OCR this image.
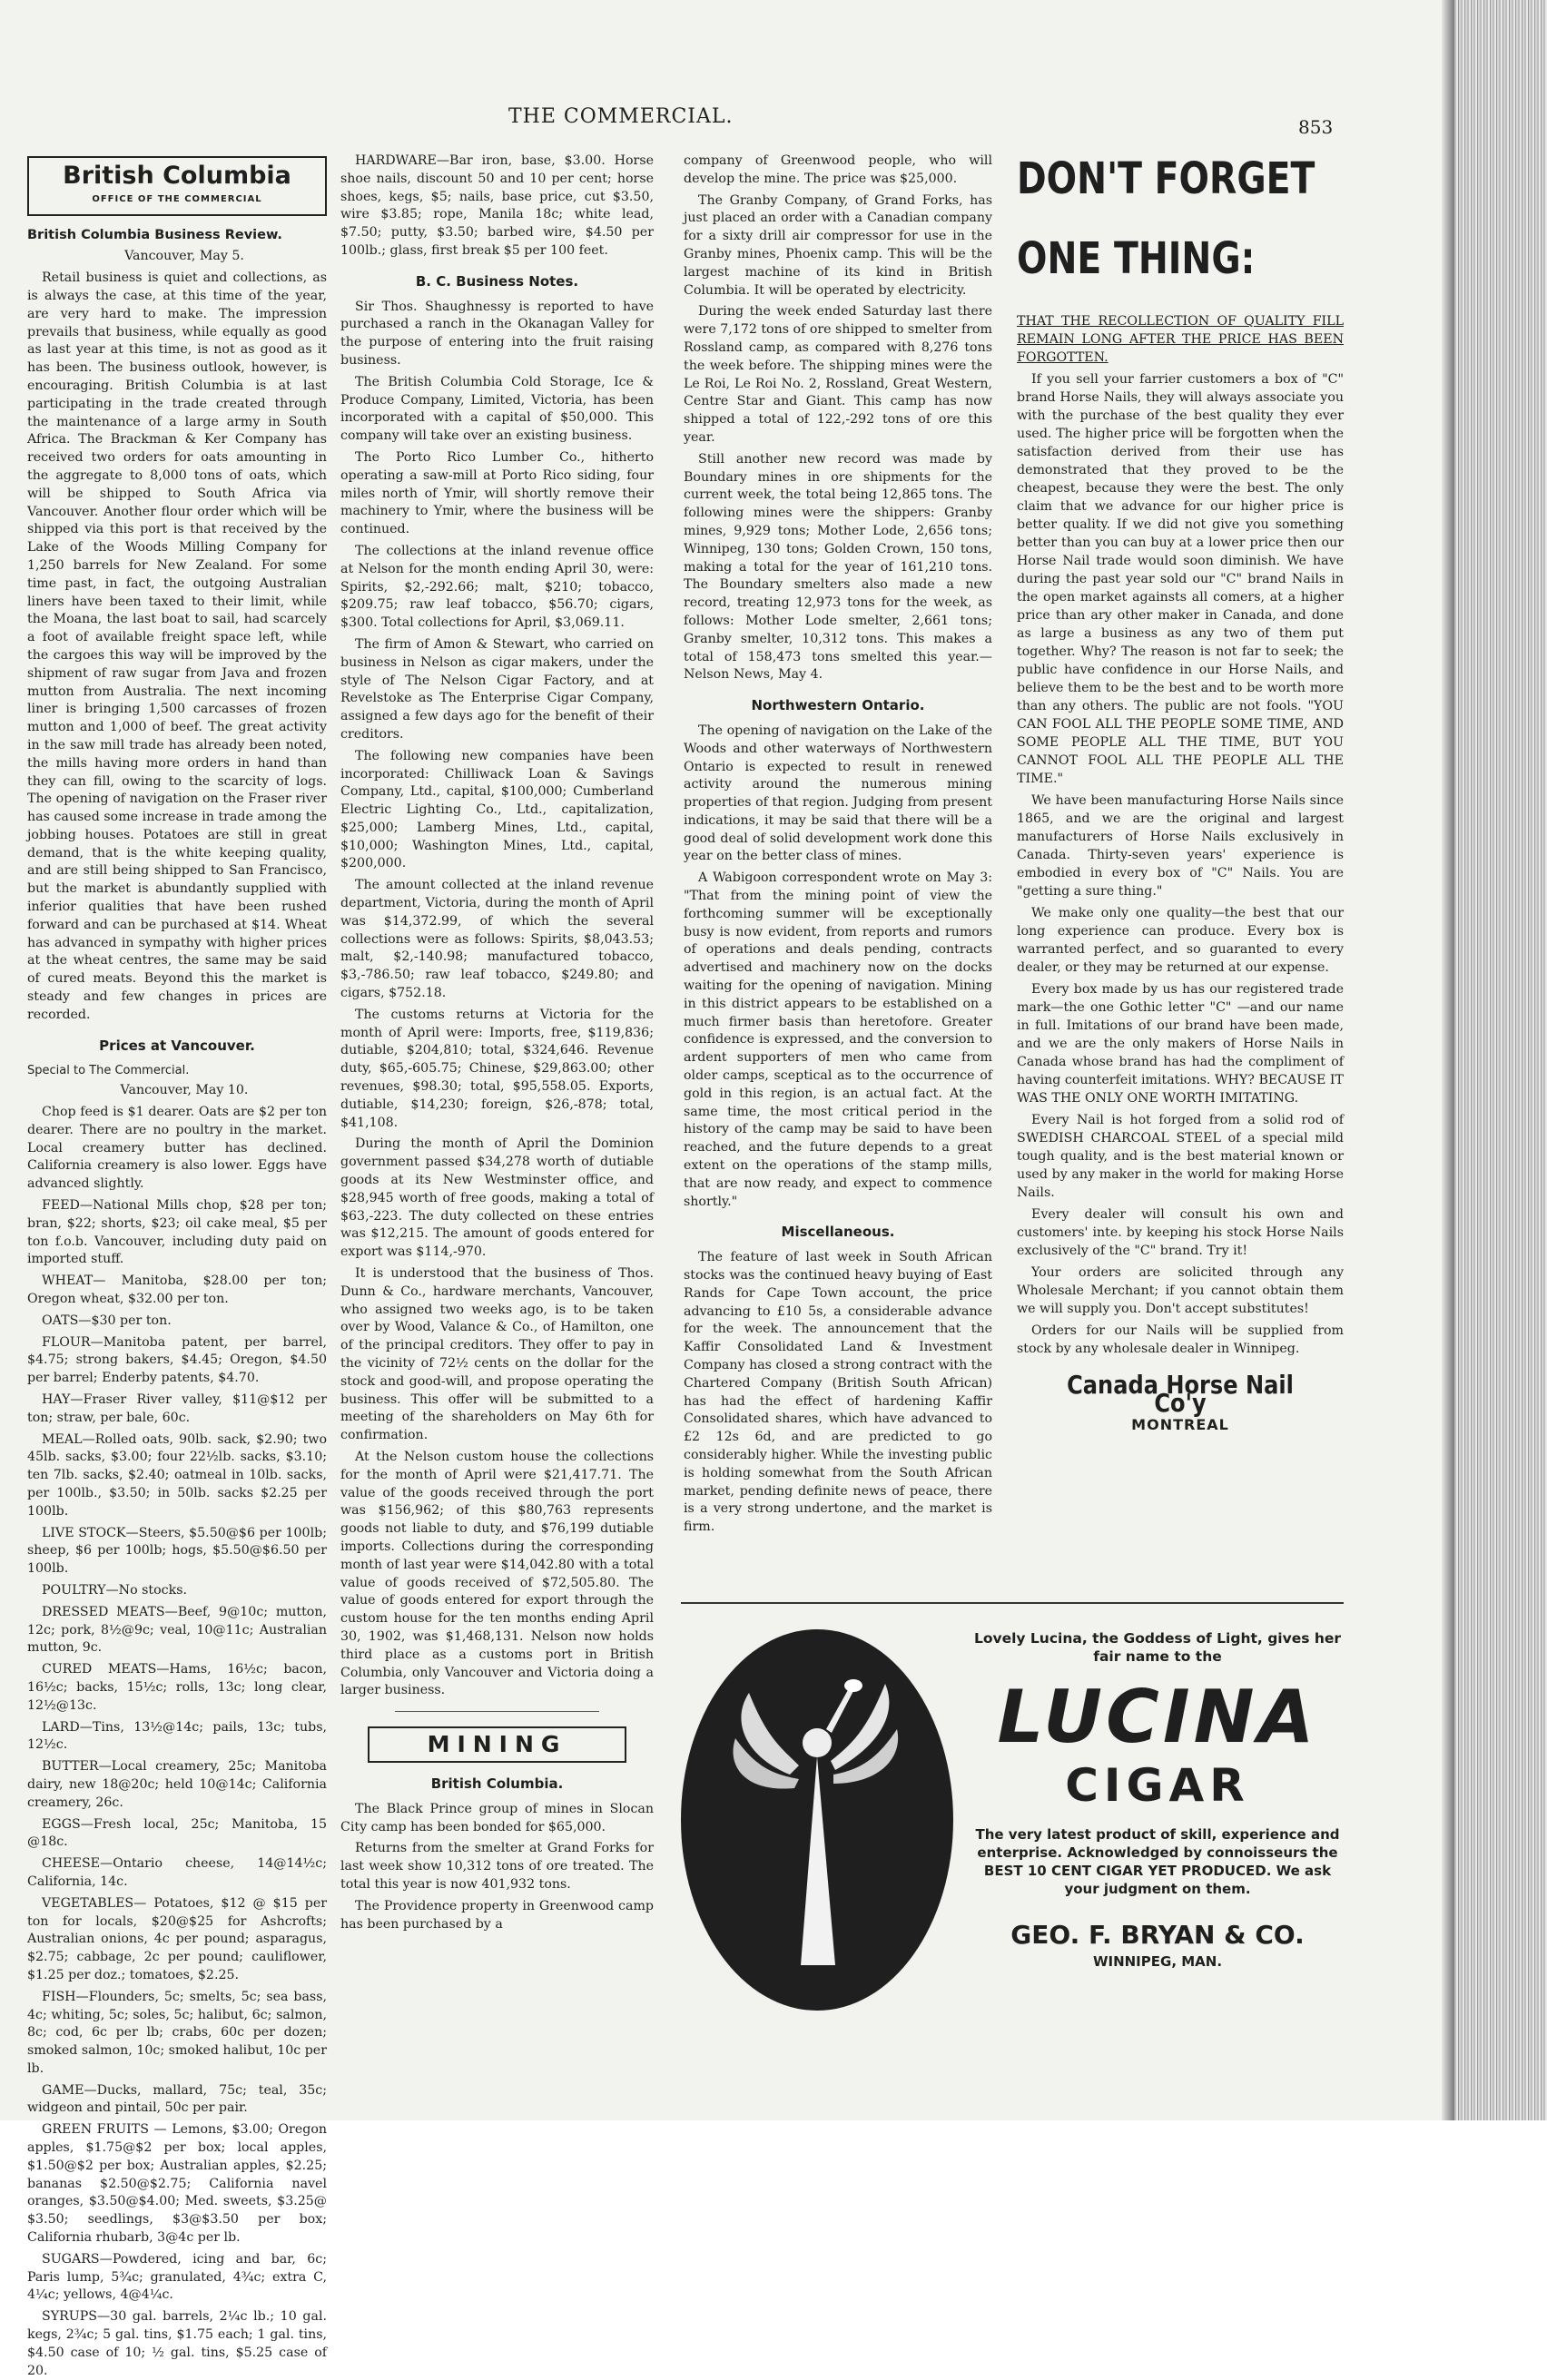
THE COMMERCIAL.	853
British Columbia
OFFICE OF THE COMMERCIAL
British Columbia Business Review.

Vancouver, May 5.

Retail business is quiet and collections, as is always the case, at this time of the year, are very hard to make. The impression prevails that business, while equally as good as last year at this time, is not as good as it has been. The business outlook, however, is encouraging. British Columbia is at last participating in the trade created through the maintenance of a large army in South Africa. The Brackman & Ker Company has received two orders for oats amounting in the aggregate to 8,000 tons of oats, which will be shipped to South Africa via Vancouver. Another flour order which will be shipped via this port is that received by the Lake of the Woods Milling Company for 1,250 barrels for New Zealand. For some time past, in fact, the outgoing Australian liners have been taxed to their limit, while the Moana, the last boat to sail, had scarcely a foot of available freight space left, while the cargoes this way will be improved by the shipment of raw sugar from Java and frozen mutton from Australia. The next incoming liner is bringing 1,500 carcasses of frozen mutton and 1,000 of beef. The great activity in the saw mill trade has already been noted, the mills having more orders in hand than they can fill, owing to the scarcity of logs. The opening of navigation on the Fraser river has caused some increase in trade among the jobbing houses. Potatoes are still in great demand, that is the white keeping quality, and are still being shipped to San Francisco, but the market is abundantly supplied with inferior qualities that have been rushed forward and can be purchased at $14. Wheat has advanced in sympathy with higher prices at the wheat centres, the same may be said of cured meats. Beyond this the market is steady and few changes in prices are recorded.

Prices at Vancouver.
Special to The Commercial.

Vancouver, May 10.

Chop feed is $1 dearer. Oats are $2 per ton dearer. There are no poultry in the market. Local creamery butter has declined. California creamery is also lower. Eggs have advanced slightly.

FEED—National Mills chop, $28 per ton; bran, $22; shorts, $23; oil cake meal, $5 per ton f.o.b. Vancouver, including duty paid on imported stuff.

WHEAT— Manitoba, $28.00 per ton; Oregon wheat, $32.00 per ton.

OATS—$30 per ton.

FLOUR—Manitoba patent, per barrel, $4.75; strong bakers, $4.45; Oregon, $4.50 per barrel; Enderby patents, $4.70.

HAY—Fraser River valley, $11@$12 per ton; straw, per bale, 60c.

MEAL—Rolled oats, 90lb. sack, $2.90; two 45lb. sacks, $3.00; four 22½lb. sacks, $3.10; ten 7lb. sacks, $2.40; oatmeal in 10lb. sacks, per 100lb., $3.50; in 50lb. sacks $2.25 per 100lb.

LIVE STOCK—Steers, $5.50@$6 per 100lb; sheep, $6 per 100lb; hogs, $5.50@$6.50 per 100lb.

POULTRY—No stocks.

DRESSED MEATS—Beef, 9@10c; mutton, 12c; pork, 8½@9c; veal, 10@11c; Australian mutton, 9c.

CURED MEATS—Hams, 16½c; bacon, 16½c; backs, 15½c; rolls, 13c; long clear, 12½@13c.

LARD—Tins, 13½@14c; pails, 13c; tubs, 12½c.

BUTTER—Local creamery, 25c; Manitoba dairy, new 18@20c; held 10@14c; California creamery, 26c.

EGGS—Fresh local, 25c; Manitoba, 15 @18c.

CHEESE—Ontario cheese, 14@14½c; California, 14c.

VEGETABLES— Potatoes, $12 @ $15 per ton for locals, $20@$25 for Ashcrofts; Australian onions, 4c per pound; asparagus, $2.75; cabbage, 2c per pound; cauliflower, $1.25 per doz.; tomatoes, $2.25.

FISH—Flounders, 5c; smelts, 5c; sea bass, 4c; whiting, 5c; soles, 5c; halibut, 6c; salmon, 8c; cod, 6c per lb; crabs, 60c per dozen; smoked salmon, 10c; smoked halibut, 10c per lb.

GAME—Ducks, mallard, 75c; teal, 35c; widgeon and pintail, 50c per pair.

GREEN FRUITS — Lemons, $3.00; Oregon apples, $1.75@$2 per box; local apples, $1.50@$2 per box; Australian apples, $2.25; bananas $2.50@$2.75; California navel oranges, $3.50@$4.00; Med. sweets, $3.25@ $3.50; seedlings, $3@$3.50 per box; California rhubarb, 3@4c per lb.

SUGARS—Powdered, icing and bar, 6c; Paris lump, 5¾c; granulated, 4¾c; extra C, 4¼c; yellows, 4@4¼c.

SYRUPS—30 gal. barrels, 2¼c lb.; 10 gal. kegs, 2¾c; 5 gal. tins, $1.75 each; 1 gal. tins, $4.50 case of 10; ½ gal. tins, $5.25 case of 20.

HARDWARE—Bar iron, base, $3.00. Horse shoe nails, discount 50 and 10 per cent; horse shoes, kegs, $5; nails, base price, cut $3.50, wire $3.85; rope, Manila 18c; white lead, $7.50; putty, $3.50; barbed wire, $4.50 per 100lb.; glass, first break $5 per 100 feet.

B. C. Business Notes.

Sir Thos. Shaughnessy is reported to have purchased a ranch in the Okanagan Valley for the purpose of entering into the fruit raising business.

The British Columbia Cold Storage, Ice & Produce Company, Limited, Victoria, has been incorporated with a capital of $50,000. This company will take over an existing business.

The Porto Rico Lumber Co., hitherto operating a saw-mill at Porto Rico siding, four miles north of Ymir, will shortly remove their machinery to Ymir, where the business will be continued.

The collections at the inland revenue office at Nelson for the month ending April 30, were: Spirits, $2,-292.66; malt, $210; tobacco, $209.75; raw leaf tobacco, $56.70; cigars, $300. Total collections for April, $3,069.11.

The firm of Amon & Stewart, who carried on business in Nelson as cigar makers, under the style of The Nelson Cigar Factory, and at Revelstoke as The Enterprise Cigar Company, assigned a few days ago for the benefit of their creditors.

The following new companies have been incorporated: Chilliwack Loan & Savings Company, Ltd., capital, $100,000; Cumberland Electric Lighting Co., Ltd., capitalization, $25,000; Lamberg Mines, Ltd., capital, $10,000; Washington Mines, Ltd., capital, $200,000.

The amount collected at the inland revenue department, Victoria, during the month of April was $14,372.99, of which the several collections were as follows: Spirits, $8,043.53; malt, $2,-140.98; manufactured tobacco, $3,-786.50; raw leaf tobacco, $249.80; and cigars, $752.18.

The customs returns at Victoria for the month of April were: Imports, free, $119,836; dutiable, $204,810; total, $324,646. Revenue duty, $65,-605.75; Chinese, $29,863.00; other revenues, $98.30; total, $95,558.05. Exports, dutiable, $14,230; foreign, $26,-878; total, $41,108.

During the month of April the Dominion government passed $34,278 worth of dutiable goods at its New Westminster office, and $28,945 worth of free goods, making a total of $63,-223. The duty collected on these entries was $12,215. The amount of goods entered for export was $114,-970.

It is understood that the business of Thos. Dunn & Co., hardware merchants, Vancouver, who assigned two weeks ago, is to be taken over by Wood, Valance & Co., of Hamilton, one of the principal creditors. They offer to pay in the vicinity of 72½ cents on the dollar for the stock and good-will, and propose operating the business. This offer will be submitted to a meeting of the shareholders on May 6th for confirmation.

At the Nelson custom house the collections for the month of April were $21,417.71. The value of the goods received through the port was $156,962; of this $80,763 represents goods not liable to duty, and $76,199 dutiable imports. Collections during the corresponding month of last year were $14,042.80 with a total value of goods received of $72,505.80. The value of goods entered for export through the custom house for the ten months ending April 30, 1902, was $1,468,131. Nelson now holds third place as a customs port in British Columbia, only Vancouver and Victoria doing a larger business.

MINING
British Columbia.

The Black Prince group of mines in Slocan City camp has been bonded for $65,000.

Returns from the smelter at Grand Forks for last week show 10,312 tons of ore treated. The total this year is now 401,932 tons.

The Providence property in Greenwood camp has been purchased by a

company of Greenwood people, who will develop the mine. The price was $25,000.

The Granby Company, of Grand Forks, has just placed an order with a Canadian company for a sixty drill air compressor for use in the Granby mines, Phoenix camp. This will be the largest machine of its kind in British Columbia. It will be operated by electricity.

During the week ended Saturday last there were 7,172 tons of ore shipped to smelter from Rossland camp, as compared with 8,276 tons the week before. The shipping mines were the Le Roi, Le Roi No. 2, Rossland, Great Western, Centre Star and Giant. This camp has now shipped a total of 122,-292 tons of ore this year.

Still another new record was made by Boundary mines in ore shipments for the current week, the total being 12,865 tons. The following mines were the shippers: Granby mines, 9,929 tons; Mother Lode, 2,656 tons; Winnipeg, 130 tons; Golden Crown, 150 tons, making a total for the year of 161,210 tons. The Boundary smelters also made a new record, treating 12,973 tons for the week, as follows: Mother Lode smelter, 2,661 tons; Granby smelter, 10,312 tons. This makes a total of 158,473 tons smelted this year.—Nelson News, May 4.

Northwestern Ontario.

The opening of navigation on the Lake of the Woods and other waterways of Northwestern Ontario is expected to result in renewed activity around the numerous mining properties of that region. Judging from present indications, it may be said that there will be a good deal of solid development work done this year on the better class of mines.

A Wabigoon correspondent wrote on May 3: "That from the mining point of view the forthcoming summer will be exceptionally busy is now evident, from reports and rumors of operations and deals pending, contracts advertised and machinery now on the docks waiting for the opening of navigation. Mining in this district appears to be established on a much firmer basis than heretofore. Greater confidence is expressed, and the conversion to ardent supporters of men who came from older camps, sceptical as to the occurrence of gold in this region, is an actual fact. At the same time, the most critical period in the history of the camp may be said to have been reached, and the future depends to a great extent on the operations of the stamp mills, that are now ready, and expect to commence shortly."

Miscellaneous.

The feature of last week in South African stocks was the continued heavy buying of East Rands for Cape Town account, the price advancing to £10 5s, a considerable advance for the week. The announcement that the Kaffir Consolidated Land & Investment Company has closed a strong contract with the Chartered Company (British South African) has had the effect of hardening Kaffir Consolidated shares, which have advanced to £2 12s 6d, and are predicted to go considerably higher. While the investing public is holding somewhat from the South African market, pending definite news of peace, there is a very strong undertone, and the market is firm.

DON'T FORGET
ONE THING:

THAT THE RECOLLECTION OF QUALITY FILL REMAIN LONG AFTER THE PRICE HAS BEEN FORGOTTEN.

If you sell your farrier customers a box of "C" brand Horse Nails, they will always associate you with the purchase of the best quality they ever used. The higher price will be forgotten when the satisfaction derived from their use has demonstrated that they proved to be the cheapest, because they were the best. The only claim that we advance for our higher price is better quality. If we did not give you something better than you can buy at a lower price then our Horse Nail trade would soon diminish. We have during the past year sold our "C" brand Nails in the open market againsts all comers, at a higher price than ary other maker in Canada, and done as large a business as any two of them put together. Why? The reason is not far to seek; the public have confidence in our Horse Nails, and believe them to be the best and to be worth more than any others. The public are not fools. "YOU CAN FOOL ALL THE PEOPLE SOME TIME, AND SOME PEOPLE ALL THE TIME, BUT YOU CANNOT FOOL ALL THE PEOPLE ALL THE TIME."

We have been manufacturing Horse Nails since 1865, and we are the original and largest manufacturers of Horse Nails exclusively in Canada. Thirty-seven years' experience is embodied in every box of "C" Nails. You are "getting a sure thing."

We make only one quality—the best that our long experience can produce. Every box is warranted perfect, and so guaranted to every dealer, or they may be returned at our expense.

Every box made by us has our registered trade mark—the one Gothic letter "C" —and our name in full. Imitations of our brand have been made, and we are the only makers of Horse Nails in Canada whose brand has had the compliment of having counterfeit imitations. WHY? BECAUSE IT WAS THE ONLY ONE WORTH IMITATING.

Every Nail is hot forged from a solid rod of SWEDISH CHARCOAL STEEL of a special mild tough quality, and is the best material known or used by any maker in the world for making Horse Nails.

Every dealer will consult his own and customers' inte. by keeping his stock Horse Nails exclusively of the "C" brand. Try it!

Your orders are solicited through any Wholesale Merchant; if you cannot obtain them we will supply you. Don't accept substitutes!

Orders for our Nails will be supplied from stock by any wholesale dealer in Winnipeg.

Canada Horse Nail Co'y
MONTREAL
Lovely Lucina, the Goddess of Light, gives her fair name to the
LUCINA
CIGAR
The very latest product of skill, experience and enterprise. Acknowledged by connoisseurs the BEST 10 CENT CIGAR YET PRODUCED. We ask your judgment on them.
GEO. F. BRYAN & CO.
WINNIPEG, MAN.
